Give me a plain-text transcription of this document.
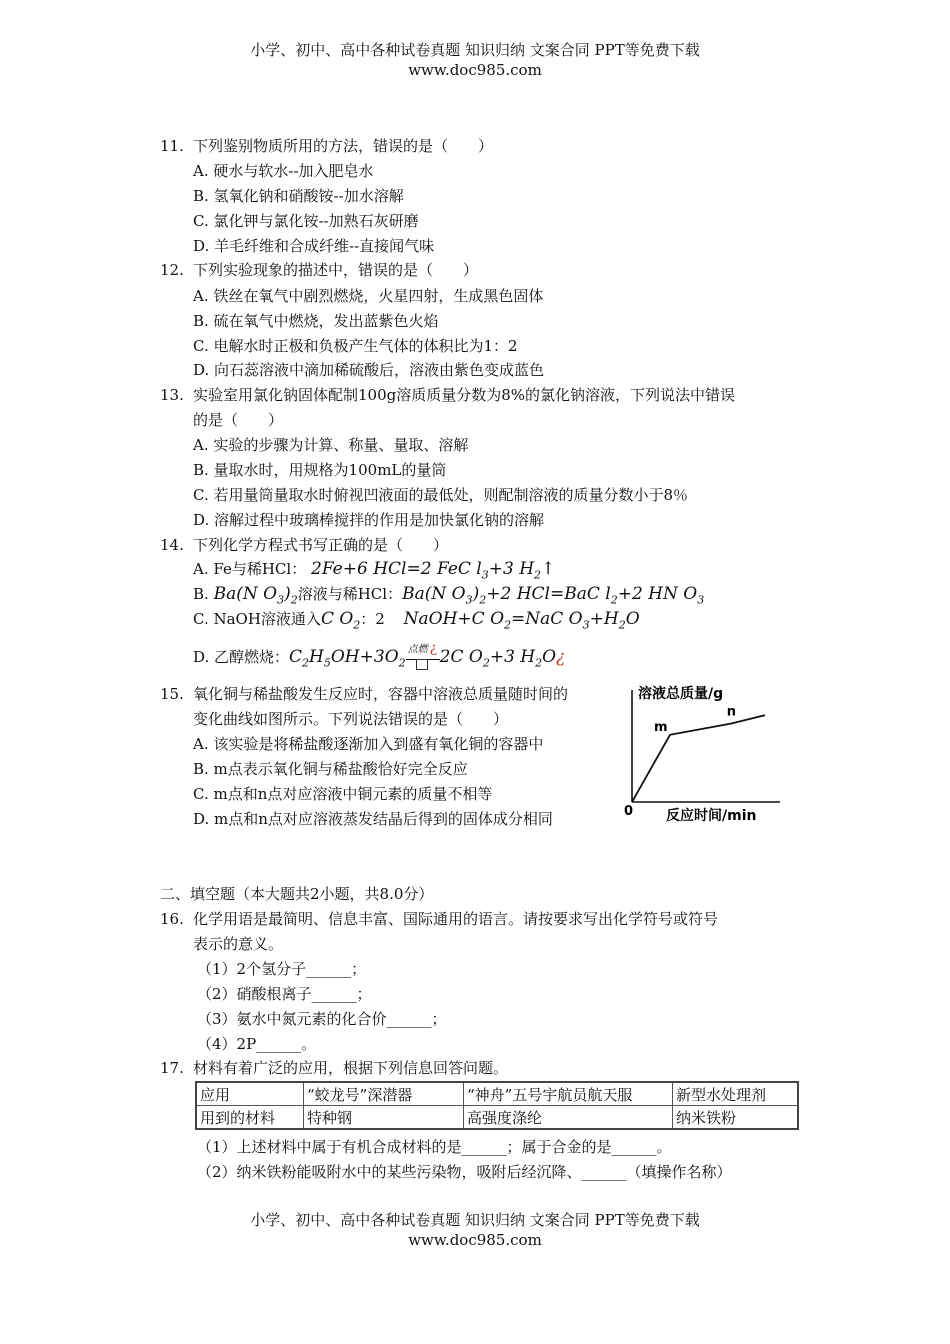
小学、初中、高中各种试卷真题 知识归纳 文案合同 PPT等免费下载
www.doc985.com
11. 下列鉴别物质所用的方法，错误的是（　　）
A. 硬水与软水--加入肥皂水
B. 氢氧化钠和硝酸铵--加水溶解
C. 氯化钾与氯化铵--加熟石灰研磨
D. 羊毛纤维和合成纤维--直接闻气味
12. 下列实验现象的描述中，错误的是（　　）
A. 铁丝在氧气中剧烈燃烧，火星四射，生成黑色固体
B. 硫在氧气中燃烧，发出蓝紫色火焰
C. 电解水时正极和负极产生气体的体积比为1：2
D. 向石蕊溶液中滴加稀硫酸后，溶液由紫色变成蓝色
13. 实验室用氯化钠固体配制100g溶质质量分数为8%的氯化钠溶液，下列说法中错误
的是（　　）
A. 实验的步骤为计算、称量、量取、溶解
B. 量取水时，用规格为100mL的量筒
C. 若用量筒量取水时俯视凹液面的最低处，则配制溶液的质量分数小于8％
D. 溶解过程中玻璃棒搅拌的作用是加快氯化钠的溶解
14. 下列化学方程式书写正确的是（　　）
A. Fe与稀HCl： 2Fe+6 HCl=2 FeC $l_3+3$ $H_2↑$
B. Ba(N $O_3)_2$溶液与稀HCl：Ba(N $O_3)_2+2$ HCl=BaC $l_2+2$ HN $O_3$
C. NaOH溶液通入C $O_2$：2 NaOH+C $O_2=NaC$ $O_3+H_2O$
D. 乙醇燃烧：$C_2H_5OH+3O_2$
点燃 ¿ 2C $O_2+3$ $H_2O¿$
15. 氧化铜与稀盐酸发生反应时，容器中溶液总质量随时间的
变化曲线如图所示。下列说法错误的是（　　）
A. 该实验是将稀盐酸逐渐加入到盛有氧化铜的容器中
B. m点表示氧化铜与稀盐酸恰好完全反应
C. m点和n点对应溶液中铜元素的质量不相等
D. m点和n点对应溶液蒸发结晶后得到的固体成分相同
溶液总质量/g
反应时间/min
0
m
n
二、填空题（本大题共2小题，共8.0分）
16. 化学用语是最简明、信息丰富、国际通用的语言。请按要求写出化学符号或符号
表示的意义。
（1）2个氢分子______；
（2）硝酸根离子______；
（3）氨水中氮元素的化合价______；
（4）2P______。
17. 材料有着广泛的应用，根据下列信息回答问题。
应用	“蛟龙号”深潜器	“神舟”五号宇航员航天服	新型水处理剂
用到的材料	特种钢	高强度涤纶	纳米铁粉
（1）上述材料中属于有机合成材料的是______；属于合金的是______。
（2）纳米铁粉能吸附水中的某些污染物，吸附后经沉降、______（填操作名称）
小学、初中、高中各种试卷真题 知识归纳 文案合同 PPT等免费下载
www.doc985.com
